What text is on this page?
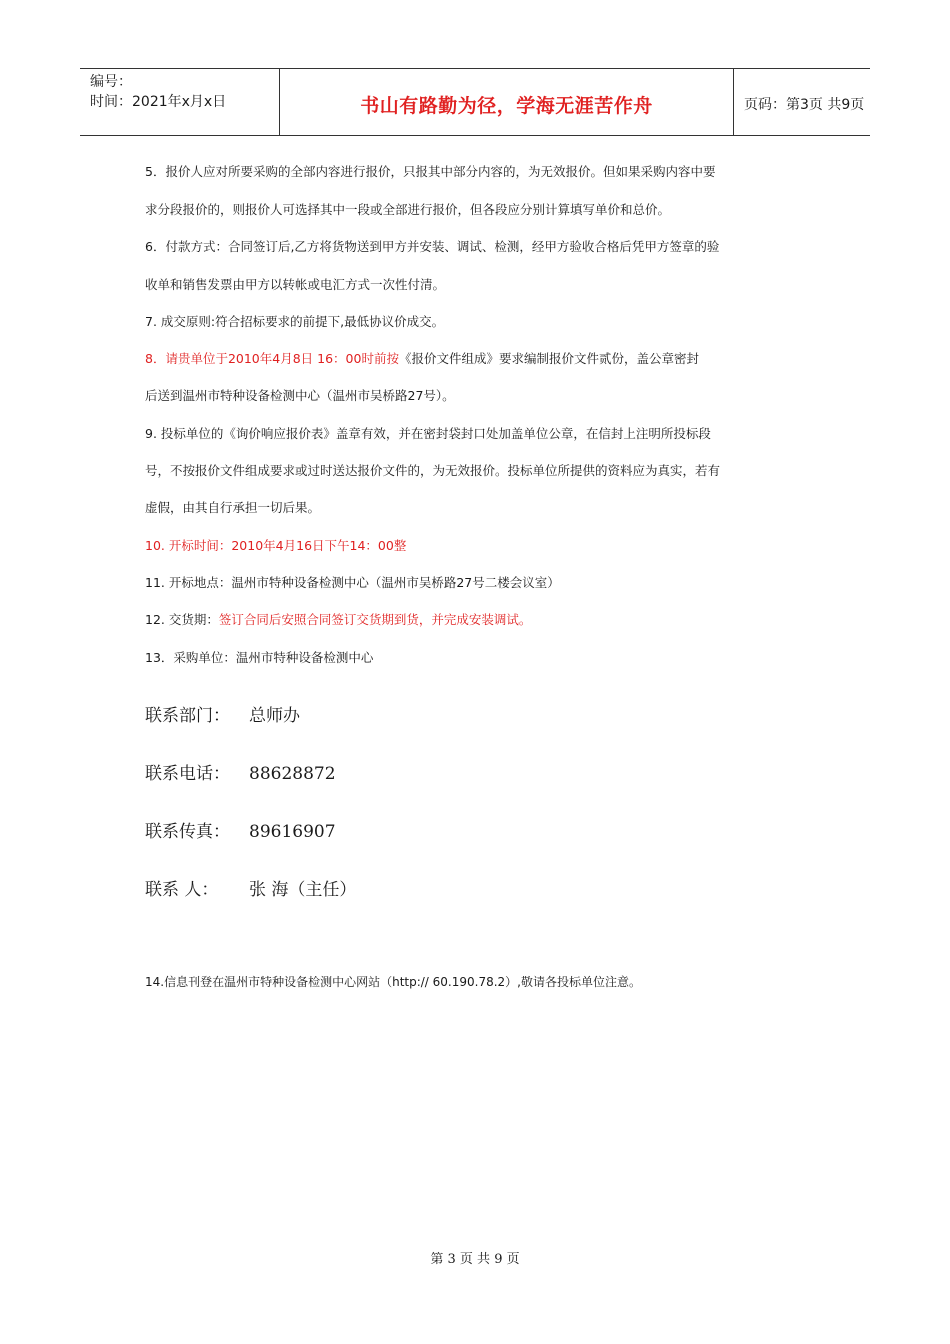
编号：
时间：2021年x月x日	书山有路勤为径，学海无涯苦作舟	页码：第3页 共9页
5．报价人应对所要采购的全部内容进行报价，只报其中部分内容的，为无效报价。但如果采购内容中要
求分段报价的，则报价人可选择其中一段或全部进行报价，但各段应分别计算填写单价和总价。
6．付款方式：合同签订后,乙方将货物送到甲方并安装、调试、检测，经甲方验收合格后凭甲方签章的验
收单和销售发票由甲方以转帐或电汇方式一次性付清。
7. 成交原则:符合招标要求的前提下,最低协议价成交。
8．请贵单位于2010年4月8日 16：00时前按《报价文件组成》要求编制报价文件贰份，盖公章密封
后送到温州市特种设备检测中心（温州市吴桥路27号）。
9. 投标单位的《询价响应报价表》盖章有效，并在密封袋封口处加盖单位公章，在信封上注明所投标段
号，不按报价文件组成要求或过时送达报价文件的，为无效报价。投标单位所提供的资料应为真实，若有
虚假，由其自行承担一切后果。
10. 开标时间：2010年4月16日下午14：00整
11. 开标地点：温州市特种设备检测中心（温州市吴桥路27号二楼会议室）
12. 交货期：签订合同后安照合同签订交货期到货，并完成安装调试。
13．采购单位：温州市特种设备检测中心
联系部门： 总师办
联系电话： 88628872
联系传真： 89616907
联系 人： 张 海（主任）
14.信息刊登在温州市特种设备检测中心网站（http:// 60.190.78.2）,敬请各投标单位注意。
第 3 页 共 9 页
